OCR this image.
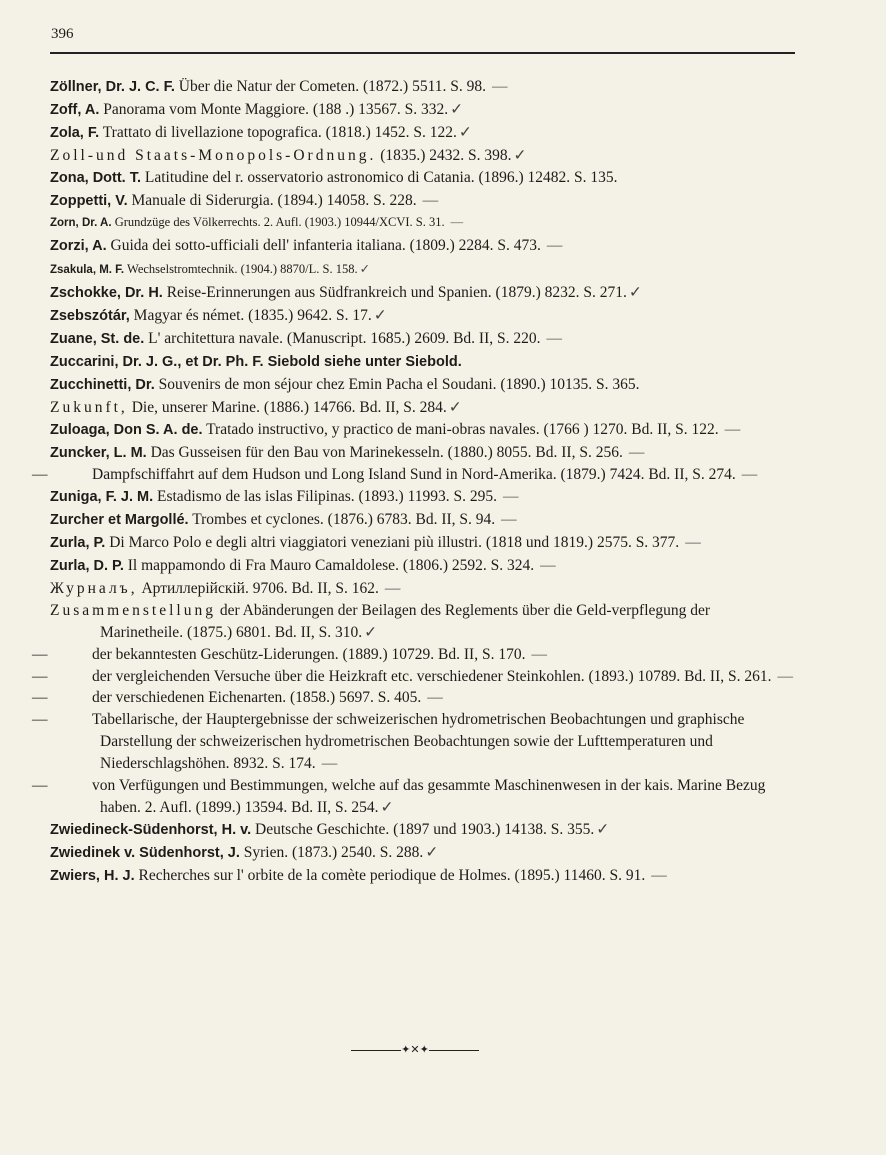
396
Zöllner, Dr. J. C. F. Über die Natur der Cometen. (1872.) 5511. S. 98. —
Zoff, A. Panorama vom Monte Maggiore. (188 .) 13567. S. 332. ✓
Zola, F. Trattato di livellazione topografica. (1818.) 1452. S. 122. ✓
Zoll-und Staats-Monopols-Ordnung. (1835.) 2432. S. 398. ✓
Zona, Dott. T. Latitudine del r. osservatorio astronomico di Catania. (1896.) 12482. S. 135.
Zoppetti, V. Manuale di Siderurgia. (1894.) 14058. S. 228. —
Zorn, Dr. A. Grundzüge des Völkerrechts. 2. Aufl. (1903.) 10944/XCVI. S. 31. —
Zorzi, A. Guida dei sotto-ufficiali dell' infanteria italiana. (1809.) 2284. S. 473. —
Zsakula, M. F. Wechselstromtechnik. (1904.) 8870/L. S. 158. ✓
Zschokke, Dr. H. Reise-Erinnerungen aus Südfrankreich und Spanien. (1879.) 8232. S. 271. ✓
Zsebszótár, Magyar és német. (1835.) 9642. S. 17. ✓
Zuane, St. de. L' architettura navale. (Manuscript. 1685.) 2609. Bd. II, S. 220. —
Zuccarini, Dr. J. G., et Dr. Ph. F. Siebold siehe unter Siebold.
Zucchinetti, Dr. Souvenirs de mon séjour chez Emin Pacha el Soudani. (1890.) 10135. S. 365.
Zukunft, Die, unserer Marine. (1886.) 14766. Bd. II, S. 284. ✓
Zuloaga, Don S. A. de. Tratado instructivo, y practico de mani-obras navales. (1766 ) 1270. Bd. II, S. 122. —
Zuncker, L. M. Das Gusseisen für den Bau von Marinekesseln. (1880.) 8055. Bd. II, S. 256. —
—	Dampfschiffahrt auf dem Hudson und Long Island Sund in Nord-Amerika. (1879.) 7424. Bd. II, S. 274. —
Zuniga, F. J. M. Estadismo de las islas Filipinas. (1893.) 11993. S. 295. —
Zurcher et Margollé. Trombes et cyclones. (1876.) 6783. Bd. II, S. 94. —
Zurla, P. Di Marco Polo e degli altri viaggiatori veneziani più illustri. (1818 und 1819.) 2575. S. 377. —
Zurla, D. P. Il mappamondo di Fra Mauro Camaldolese. (1806.) 2592. S. 324. —
Журналъ, Артиллерійскій. 9706. Bd. II, S. 162. —
Zusammenstellung der Abänderungen der Beilagen des Reglements über die Geld-verpflegung der Marinetheile. (1875.) 6801. Bd. II, S. 310. ✓
—	der bekanntesten Geschütz-Liderungen. (1889.) 10729. Bd. II, S. 170. —
—	der vergleichenden Versuche über die Heizkraft etc. verschiedener Steinkohlen. (1893.) 10789. Bd. II, S. 261. —
—	der verschiedenen Eichenarten. (1858.) 5697. S. 405. —
—	Tabellarische, der Hauptergebnisse der schweizerischen hydrometrischen Beobachtungen und graphische Darstellung der schweizerischen hydrometrischen Beobachtungen sowie der Lufttemperaturen und Niederschlagshöhen. 8932. S. 174. —
—	von Verfügungen und Bestimmungen, welche auf das gesammte Maschinenwesen in der kais. Marine Bezug haben. 2. Aufl. (1899.) 13594. Bd. II, S. 254. ✓
Zwiedineck-Südenhorst, H. v. Deutsche Geschichte. (1897 und 1903.) 14138. S. 355. ✓
Zwiedinek v. Südenhorst, J. Syrien. (1873.) 2540. S. 288. ✓
Zwiers, H. J. Recherches sur l' orbite de la comète periodique de Holmes. (1895.) 11460. S. 91. —
✦✕✦
